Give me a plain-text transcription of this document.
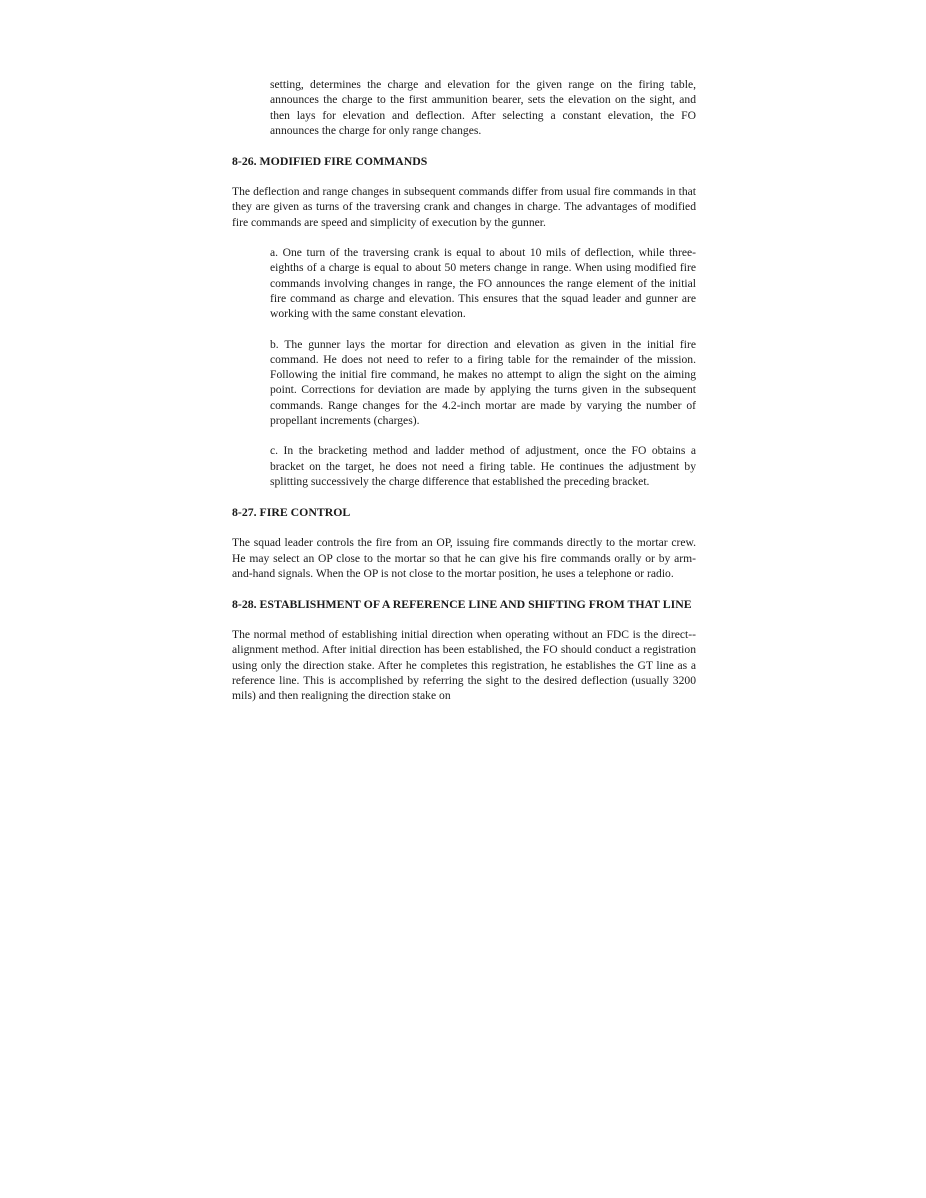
setting, determines the charge and elevation for the given range on the firing table, announces the charge to the first ammunition bearer, sets the elevation on the sight, and then lays for elevation and deflection. After selecting a constant elevation, the FO announces the charge for only range changes.

8-26. MODIFIED FIRE COMMANDS

The deflection and range changes in subsequent commands differ from usual fire commands in that they are given as turns of the traversing crank and changes in charge. The advantages of modified fire commands are speed and simplicity of execution by the gunner.

a. One turn of the traversing crank is equal to about 10 mils of deflection, while three-eighths of a charge is equal to about 50 meters change in range. When using modified fire commands involving changes in range, the FO announces the range element of the initial fire command as charge and elevation. This ensures that the squad leader and gunner are working with the same constant elevation.

b. The gunner lays the mortar for direction and elevation as given in the initial fire command. He does not need to refer to a firing table for the remainder of the mission. Following the initial fire command, he makes no attempt to align the sight on the aiming point. Corrections for deviation are made by applying the turns given in the subsequent commands. Range changes for the 4.2-inch mortar are made by varying the number of propellant increments (charges).

c. In the bracketing method and ladder method of adjustment, once the FO obtains a bracket on the target, he does not need a firing table. He continues the adjustment by splitting successively the charge difference that established the preceding bracket.

8-27. FIRE CONTROL

The squad leader controls the fire from an OP, issuing fire commands directly to the mortar crew. He may select an OP close to the mortar so that he can give his fire commands orally or by arm-and-hand signals. When the OP is not close to the mortar position, he uses a telephone or radio.

8-28. ESTABLISHMENT OF A REFERENCE LINE AND SHIFTING FROM THAT LINE

The normal method of establishing initial direction when operating without an FDC is the direct--alignment method. After initial direction has been established, the FO should conduct a registration using only the direction stake. After he completes this registration, he establishes the GT line as a reference line. This is accomplished by referring the sight to the desired deflection (usually 3200 mils) and then realigning the direction stake on
